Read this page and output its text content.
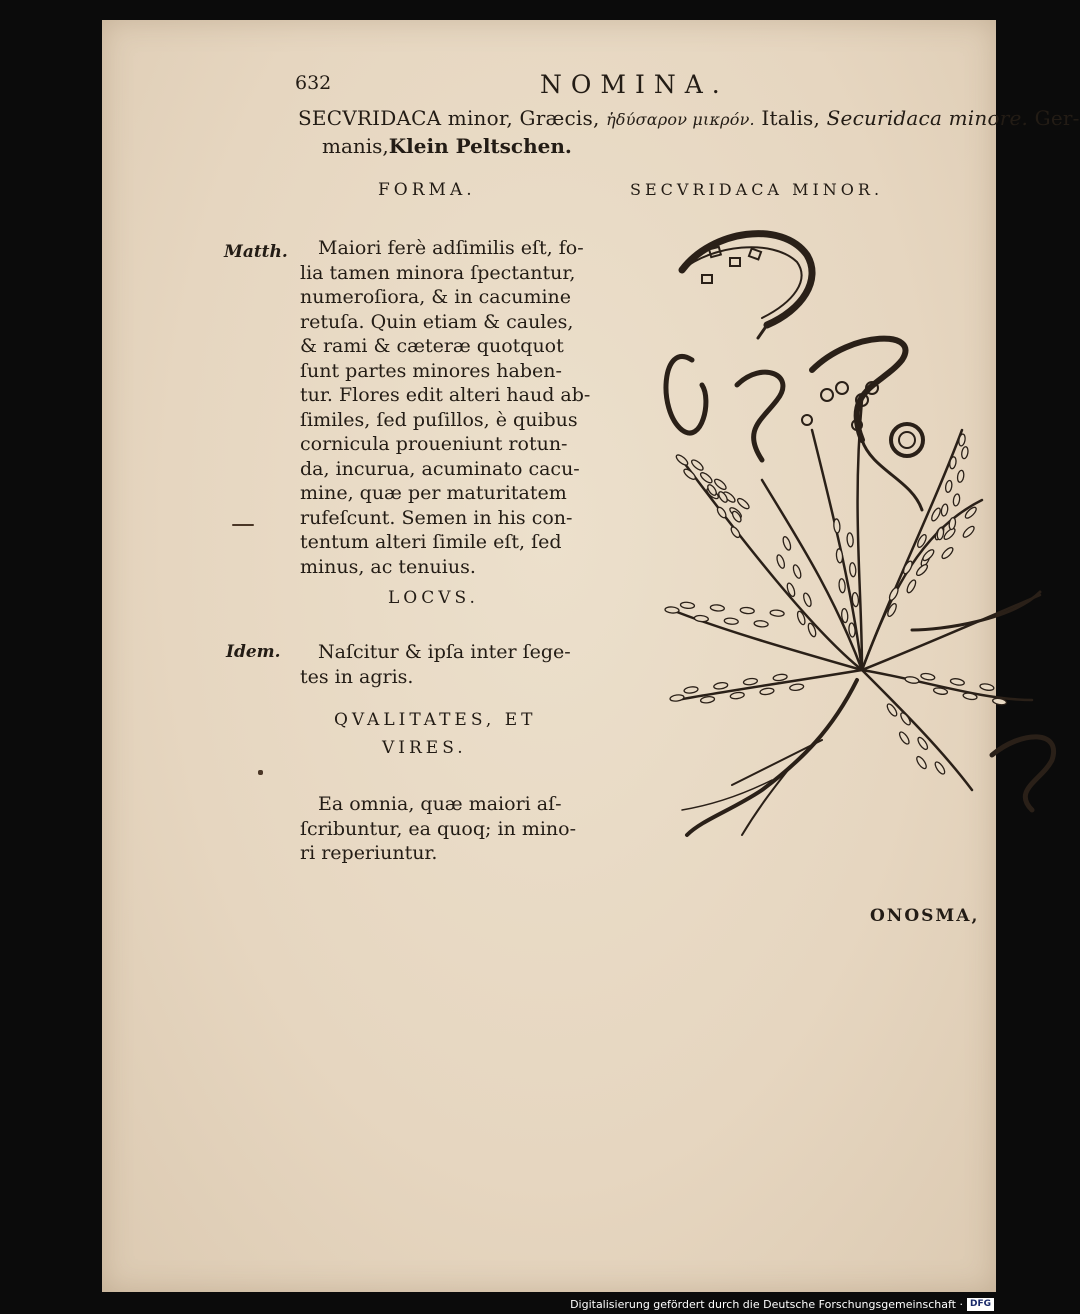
632	NOMINA.
SECVRIDACA minor, Græcis, ἡδύσαρον μικρόν. Italis, Securidaca minore. Ger-
manis,Klein Peltschen.
SECVRIDACA MINOR.
FORMA.
Matth.	Maiori ferè adſimilis eſt, fo-
lia tamen minora ſpectantur,
numeroſiora, & in cacumine
retuſa. Quin etiam & caules,
& rami & cæteræ quotquot
ſunt partes minores haben-
tur. Flores edit alteri haud ab-
ſimiles, ſed puſillos, è quibus
cornicula proueniunt rotun-
da, incurua, acuminato cacu-
mine, quæ per maturitatem
rufeſcunt. Semen in his con-
tentum alteri ſimile eſt, ſed
minus, ac tenuius.
LOCVS.
Idem.	Naſcitur & ipſa inter ſege-
tes in agris.
QVALITATES, ET
VIRES.
Ea omnia, quæ maiori aſ-
ſcribuntur, ea quoq; in mino-
ri reperiuntur.
ONOSMA,
Digitalisierung gefördert durch die Deutsche Forschungsgemeinschaft · DFG
